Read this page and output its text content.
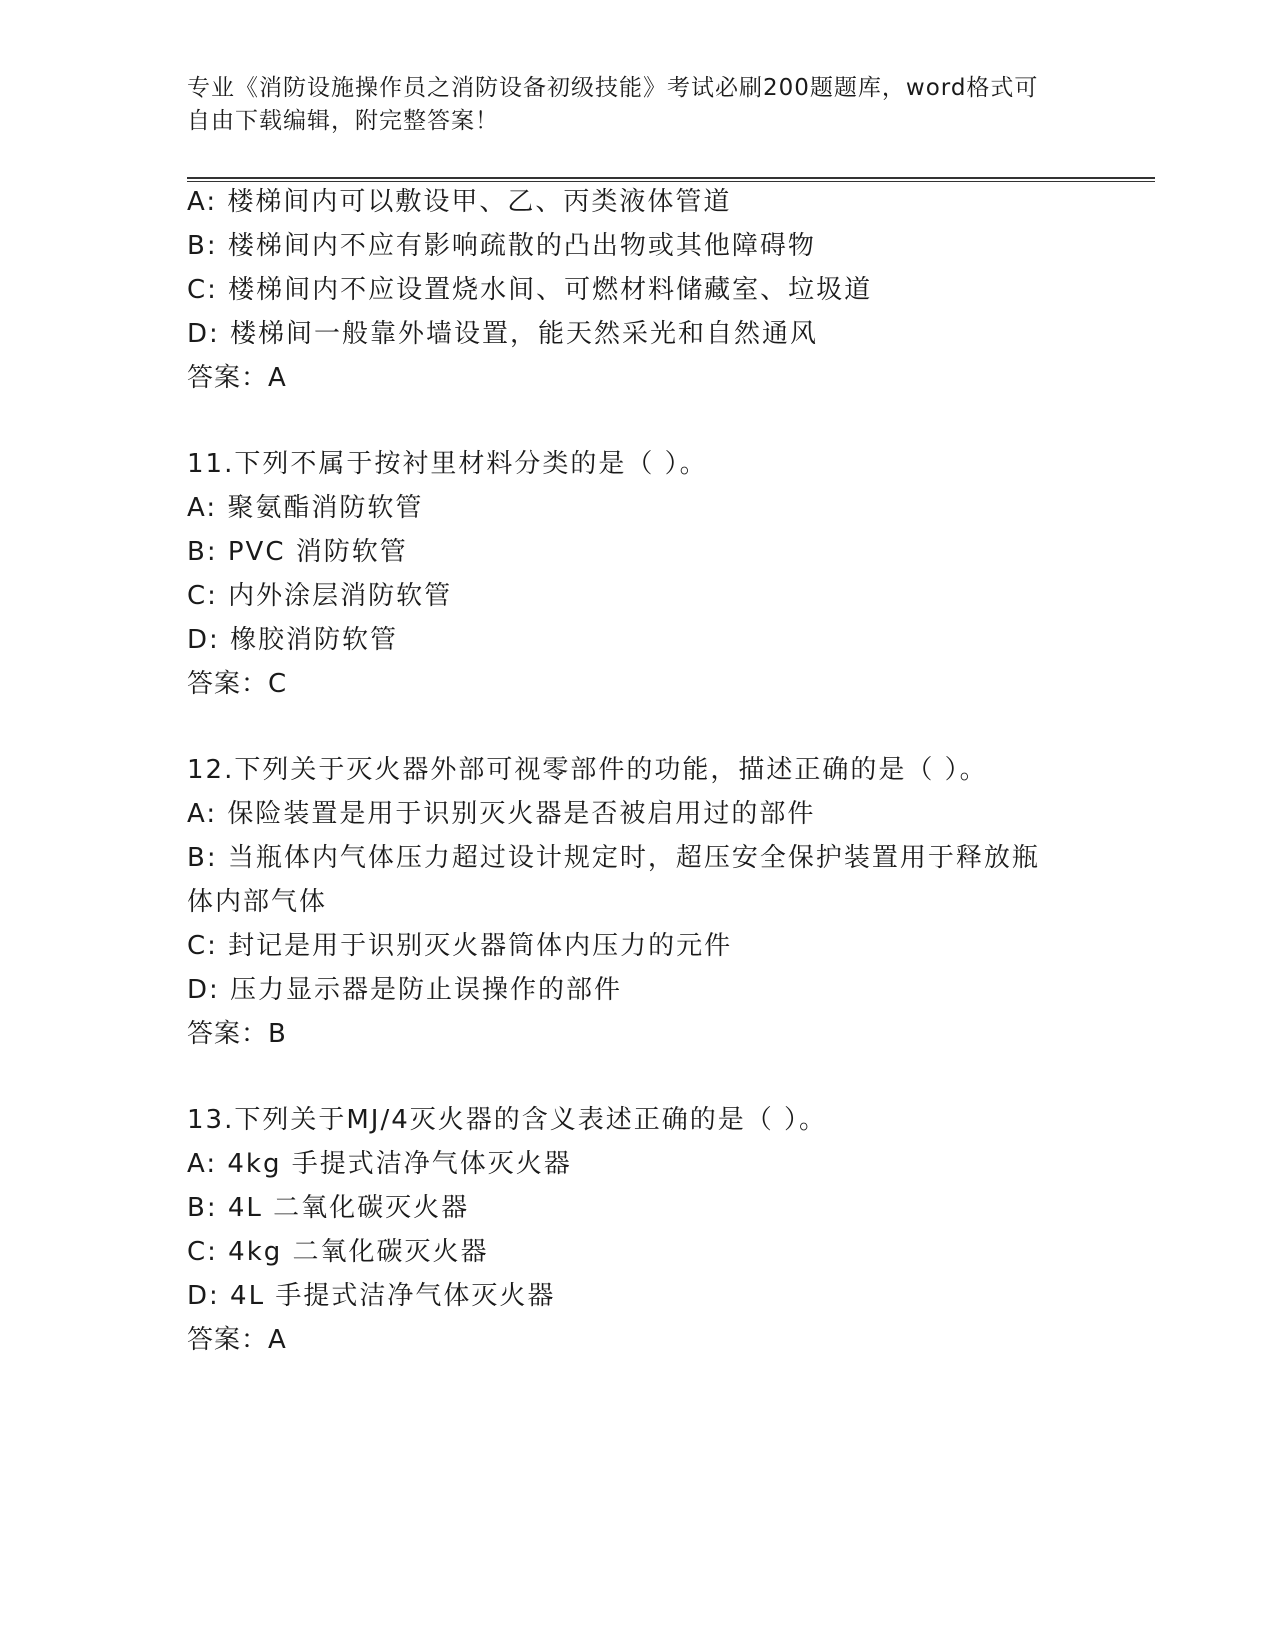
专业《消防设施操作员之消防设备初级技能》考试必刷200题题库，word格式可
自由下载编辑，附完整答案！
A: 楼梯间内可以敷设甲、乙、丙类液体管道
B: 楼梯间内不应有影响疏散的凸出物或其他障碍物
C: 楼梯间内不应设置烧水间、可燃材料储藏室、垃圾道
D: 楼梯间一般靠外墙设置，能天然采光和自然通风
答案：A
11.下列不属于按衬里材料分类的是（ ）。
A: 聚氨酯消防软管
B: PVC 消防软管
C: 内外涂层消防软管
D: 橡胶消防软管
答案：C
12.下列关于灭火器外部可视零部件的功能，描述正确的是（ ）。
A: 保险装置是用于识别灭火器是否被启用过的部件
B: 当瓶体内气体压力超过设计规定时，超压安全保护装置用于释放瓶
体内部气体
C: 封记是用于识别灭火器筒体内压力的元件
D: 压力显示器是防止误操作的部件
答案：B
13.下列关于MJ/4灭火器的含义表述正确的是（ ）。
A: 4kg 手提式洁净气体灭火器
B: 4L 二氧化碳灭火器
C: 4kg 二氧化碳灭火器
D: 4L 手提式洁净气体灭火器
答案：A
